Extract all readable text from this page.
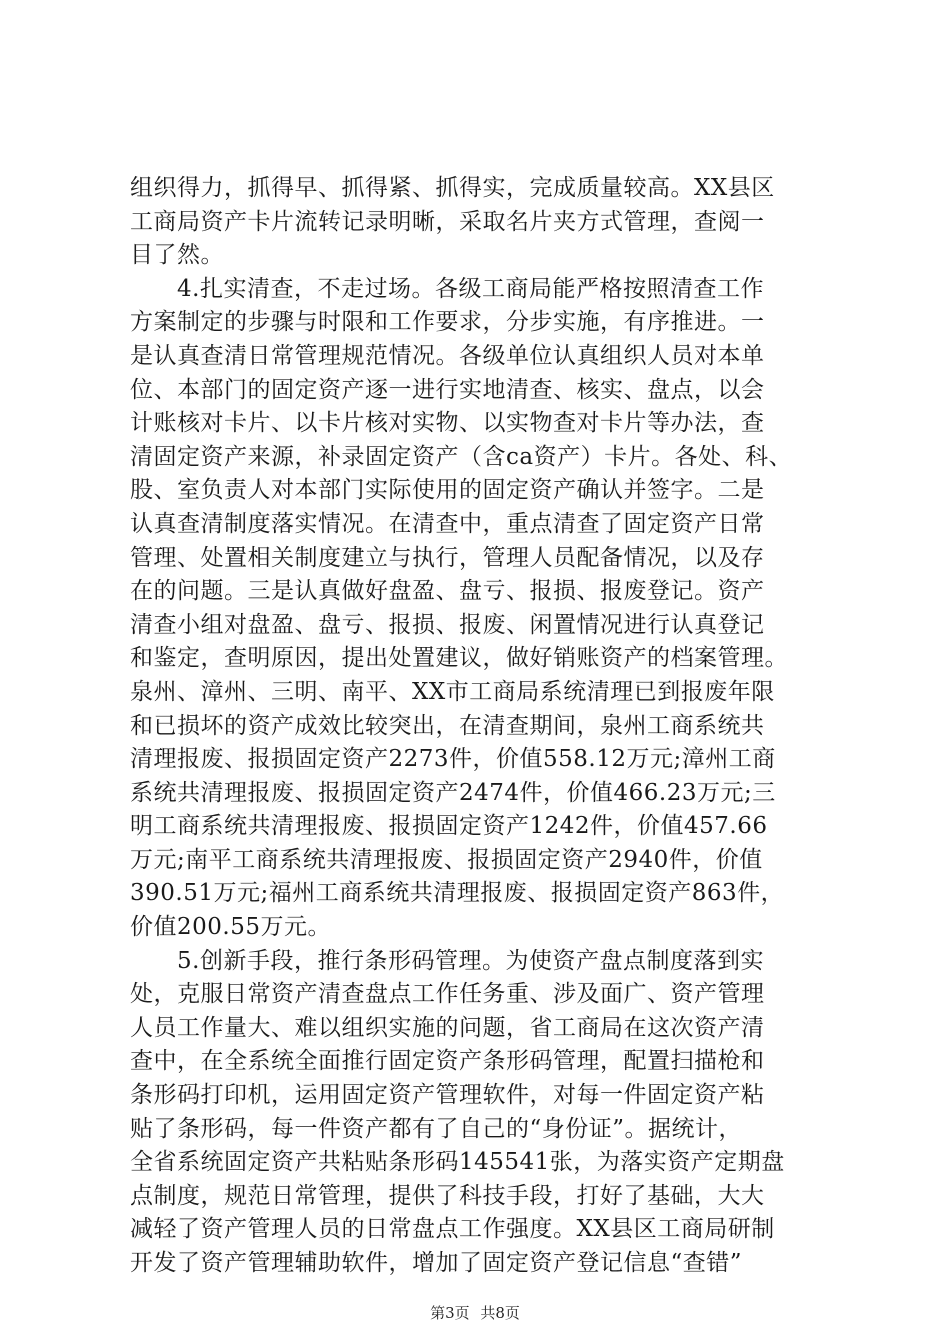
组织得力，抓得早、抓得紧、抓得实，完成质量较高。XX县区
工商局资产卡片流转记录明晰，采取名片夹方式管理，查阅一
目了然。
　　4.扎实清查，不走过场。各级工商局能严格按照清查工作
方案制定的步骤与时限和工作要求，分步实施，有序推进。一
是认真查清日常管理规范情况。各级单位认真组织人员对本单
位、本部门的固定资产逐一进行实地清查、核实、盘点，以会
计账核对卡片、以卡片核对实物、以实物查对卡片等办法，查
清固定资产来源，补录固定资产（含ca资产）卡片。各处、科、
股、室负责人对本部门实际使用的固定资产确认并签字。二是
认真查清制度落实情况。在清查中，重点清查了固定资产日常
管理、处置相关制度建立与执行，管理人员配备情况，以及存
在的问题。三是认真做好盘盈、盘亏、报损、报废登记。资产
清查小组对盘盈、盘亏、报损、报废、闲置情况进行认真登记
和鉴定，查明原因，提出处置建议，做好销账资产的档案管理。
泉州、漳州、三明、南平、XX市工商局系统清理已到报废年限
和已损坏的资产成效比较突出，在清查期间，泉州工商系统共
清理报废、报损固定资产2273件，价值558.12万元;漳州工商
系统共清理报废、报损固定资产2474件，价值466.23万元;三
明工商系统共清理报废、报损固定资产1242件，价值457.66
万元;南平工商系统共清理报废、报损固定资产2940件，价值
390.51万元;福州工商系统共清理报废、报损固定资产863件，
价值200.55万元。
　　5.创新手段，推行条形码管理。为使资产盘点制度落到实
处，克服日常资产清查盘点工作任务重、涉及面广、资产管理
人员工作量大、难以组织实施的问题，省工商局在这次资产清
查中，在全系统全面推行固定资产条形码管理，配置扫描枪和
条形码打印机，运用固定资产管理软件，对每一件固定资产粘
贴了条形码，每一件资产都有了自己的“身份证”。据统计，
全省系统固定资产共粘贴条形码145541张，为落实资产定期盘
点制度，规范日常管理，提供了科技手段，打好了基础，大大
减轻了资产管理人员的日常盘点工作强度。XX县区工商局研制
开发了资产管理辅助软件，增加了固定资产登记信息“查错”
第3页 共8页
